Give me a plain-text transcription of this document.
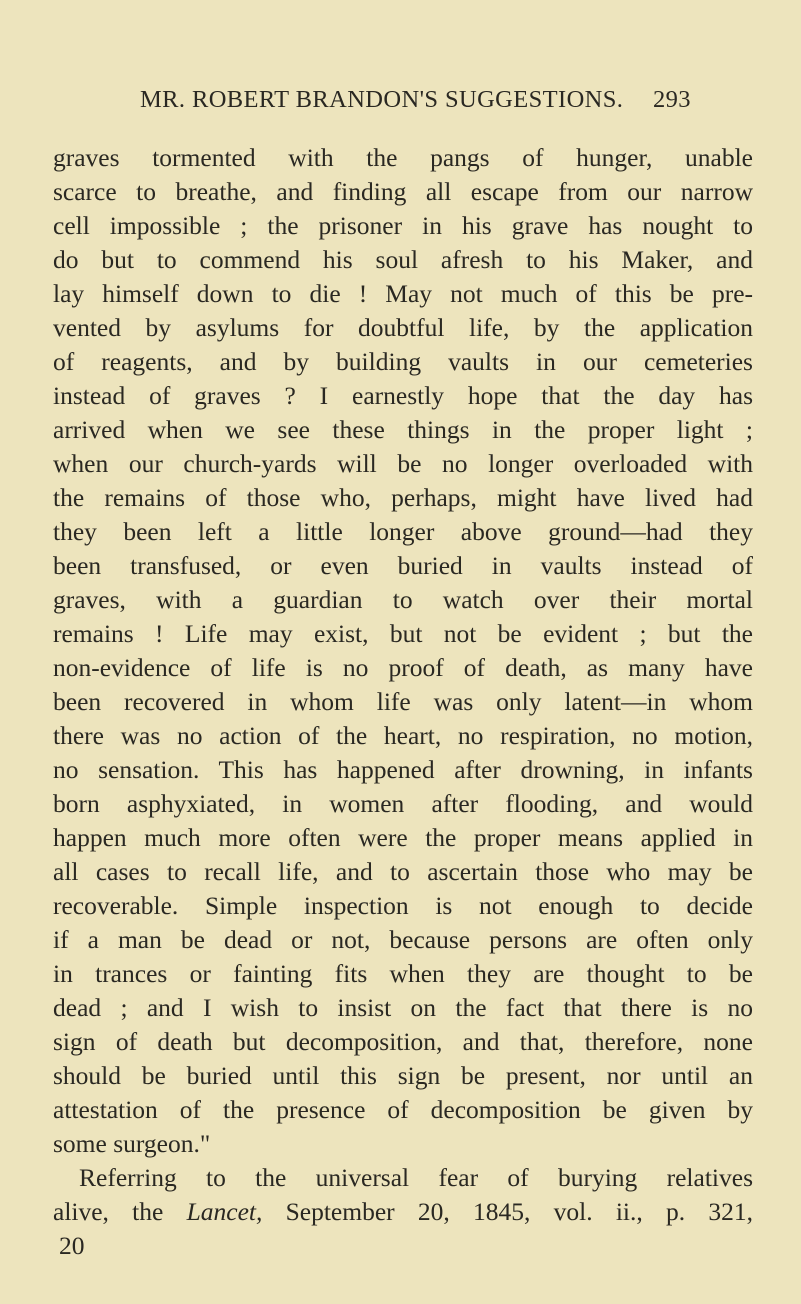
MR. ROBERT BRANDON'S SUGGESTIONS. 293
graves tormented with the pangs of hunger, unable
scarce to breathe, and finding all escape from our narrow
cell impossible ; the prisoner in his grave has nought to
do but to commend his soul afresh to his Maker, and
lay himself down to die ! May not much of this be pre-
vented by asylums for doubtful life, by the application
of reagents, and by building vaults in our cemeteries
instead of graves ? I earnestly hope that the day has
arrived when we see these things in the proper light ;
when our church-yards will be no longer overloaded with
the remains of those who, perhaps, might have lived had
they been left a little longer above ground—had they
been transfused, or even buried in vaults instead of
graves, with a guardian to watch over their mortal
remains ! Life may exist, but not be evident ; but the
non-evidence of life is no proof of death, as many have
been recovered in whom life was only latent—in whom
there was no action of the heart, no respiration, no motion,
no sensation. This has happened after drowning, in infants
born asphyxiated, in women after flooding, and would
happen much more often were the proper means applied in
all cases to recall life, and to ascertain those who may be
recoverable. Simple inspection is not enough to decide
if a man be dead or not, because persons are often only
in trances or fainting fits when they are thought to be
dead ; and I wish to insist on the fact that there is no
sign of death but decomposition, and that, therefore, none
should be buried until this sign be present, nor until an
attestation of the presence of decomposition be given by
some surgeon."
Referring to the universal fear of burying relatives
alive, the Lancet, September 20, 1845, vol. ii., p. 321,
20
